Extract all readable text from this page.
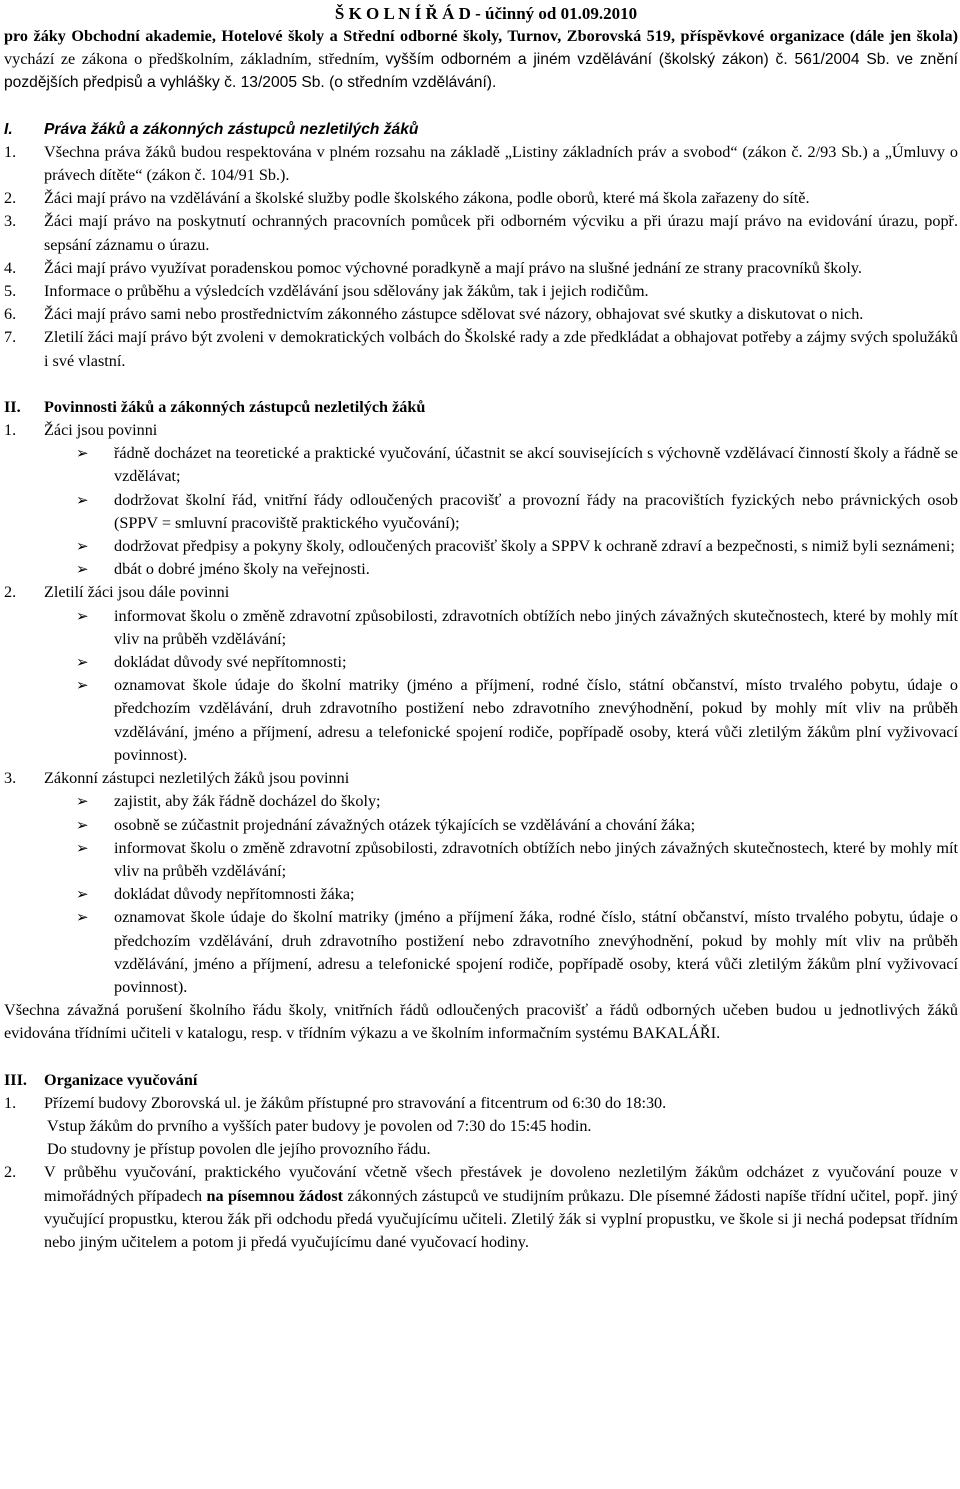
Š K O L N Í Ř Á D - účinný od 01.09.2010
pro žáky Obchodní akademie, Hotelové školy a Střední odborné školy, Turnov, Zborovská 519, příspěvkové organizace (dále jen škola) vychází ze zákona o předškolním, základním, středním, vyšším odborném a jiném vzdělávání (školský zákon) č. 561/2004 Sb. ve znění pozdějších předpisů a vyhlášky č. 13/2005 Sb. (o středním vzdělávání).
I.	Práva žáků a zákonných zástupců nezletilých žáků
1.	Všechna práva žáků budou respektována v plném rozsahu na základě „Listiny základních práv a svobod“ (zákon č. 2/93 Sb.) a „Úmluvy o právech dítěte“ (zákon č. 104/91 Sb.).
2.	Žáci mají právo na vzdělávání a školské služby podle školského zákona, podle oborů, které má škola zařazeny do sítě.
3.	Žáci mají právo na poskytnutí ochranných pracovních pomůcek při odborném výcviku a při úrazu mají právo na evidování úrazu, popř. sepsání záznamu o úrazu.
4.	Žáci mají právo využívat poradenskou pomoc výchovné poradkyně a mají právo na slušné jednání ze strany pracovníků školy.
5.	Informace o průběhu a výsledcích vzdělávání jsou sdělovány jak žákům, tak i jejich rodičům.
6.	Žáci mají právo sami nebo prostřednictvím zákonného zástupce sdělovat své názory, obhajovat své skutky a diskutovat o nich.
7.	Zletilí žáci mají právo být zvoleni v demokratických volbách do Školské rady a zde předkládat a obhajovat potřeby a zájmy svých spolužáků i své vlastní.
II.	Povinnosti žáků a zákonných zástupců nezletilých žáků
1.	Žáci jsou povinni
➢	řádně docházet na teoretické a praktické vyučování, účastnit se akcí souvisejících s výchovně vzdělávací činností školy a řádně se vzdělávat;
➢	dodržovat školní řád, vnitřní řády odloučených pracovišť a provozní řády na pracovištích fyzických nebo právnických osob (SPPV = smluvní pracoviště praktického vyučování);
➢	dodržovat předpisy a pokyny školy, odloučených pracovišť školy a SPPV k ochraně zdraví a bezpečnosti, s nimiž byli seznámeni;
➢	dbát o dobré jméno školy na veřejnosti.
2.	Zletilí žáci jsou dále povinni
➢	informovat školu o změně zdravotní způsobilosti, zdravotních obtížích nebo jiných závažných skutečnostech, které by mohly mít vliv na průběh vzdělávání;
➢	dokládat důvody své nepřítomnosti;
➢	oznamovat škole údaje do školní matriky (jméno a příjmení, rodné číslo, státní občanství, místo trvalého pobytu, údaje o předchozím vzdělávání, druh zdravotního postižení nebo zdravotního znevýhodnění, pokud by mohly mít vliv na průběh vzdělávání, jméno a příjmení, adresu a telefonické spojení rodiče, popřípadě osoby, která vůči zletilým žákům plní vyživovací povinnost).
3.	Zákonní zástupci nezletilých žáků jsou povinni
➢	zajistit, aby žák řádně docházel do školy;
➢	osobně se zúčastnit projednání závažných otázek týkajících se vzdělávání a chování žáka;
➢	informovat školu o změně zdravotní způsobilosti, zdravotních obtížích nebo jiných závažných skutečnostech, které by mohly mít vliv na průběh vzdělávání;
➢	dokládat důvody nepřítomnosti žáka;
➢	oznamovat škole údaje do školní matriky (jméno a příjmení žáka, rodné číslo, státní občanství, místo trvalého pobytu, údaje o předchozím vzdělávání, druh zdravotního postižení nebo zdravotního znevýhodnění, pokud by mohly mít vliv na průběh vzdělávání, jméno a příjmení, adresu a telefonické spojení rodiče, popřípadě osoby, která vůči zletilým žákům plní vyživovací povinnost).
Všechna závažná porušení školního řádu školy, vnitřních řádů odloučených pracovišť a řádů odborných učeben budou u jednotlivých žáků evidována třídními učiteli v katalogu, resp. v třídním výkazu a ve školním informačním systému BAKALÁŘI.
III.	Organizace vyučování
1.	Přízemí budovy Zborovská ul. je žákům přístupné pro stravování a fitcentrum od 6:30 do 18:30.
Vstup žákům do prvního a vyšších pater budovy je povolen od 7:30 do 15:45 hodin.
Do studovny je přístup povolen dle jejího provozního řádu.
2.	V průběhu vyučování, praktického vyučování včetně všech přestávek je dovoleno nezletilým žákům odcházet z vyučování pouze v mimořádných případech na písemnou žádost zákonných zástupců ve studijním průkazu. Dle písemné žádosti napíše třídní učitel, popř. jiný vyučující propustku, kterou žák při odchodu předá vyučujícímu učiteli. Zletilý žák si vyplní propustku, ve škole si ji nechá podepsat třídním nebo jiným učitelem a potom ji předá vyučujícímu dané vyučovací hodiny.
